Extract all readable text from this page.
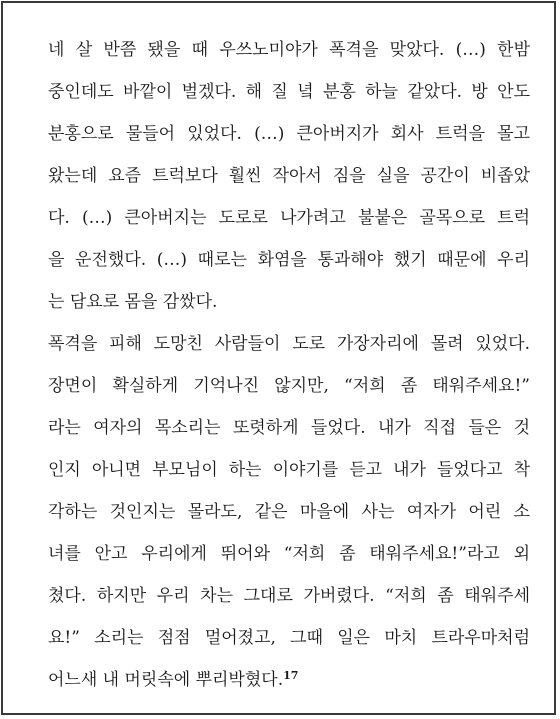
네 살 반쯤 됐을 때 우쓰노미야가 폭격을 맞았다. (…) 한밤
중인데도 바깥이 벌겠다. 해 질 녘 분홍 하늘 같았다. 방 안도
분홍으로 물들어 있었다. (…) 큰아버지가 회사 트럭을 몰고
왔는데 요즘 트럭보다 훨씬 작아서 짐을 실을 공간이 비좁았
다. (…) 큰아버지는 도로로 나가려고 불붙은 골목으로 트럭
을 운전했다. (…) 때로는 화염을 통과해야 했기 때문에 우리
는 담요로 몸을 감쌌다.
폭격을 피해 도망친 사람들이 도로 가장자리에 몰려 있었다.
장면이 확실하게 기억나진 않지만, “저희 좀 태워주세요!”
라는 여자의 목소리는 또렷하게 들었다. 내가 직접 들은 것
인지 아니면 부모님이 하는 이야기를 듣고 내가 들었다고 착
각하는 것인지는 몰라도, 같은 마을에 사는 여자가 어린 소
녀를 안고 우리에게 뛰어와 “저희 좀 태워주세요!”라고 외
쳤다. 하지만 우리 차는 그대로 가버렸다. “저희 좀 태워주세
요!” 소리는 점점 멀어졌고, 그때 일은 마치 트라우마처럼
어느새 내 머릿속에 뿌리박혔다.$^{17}$
